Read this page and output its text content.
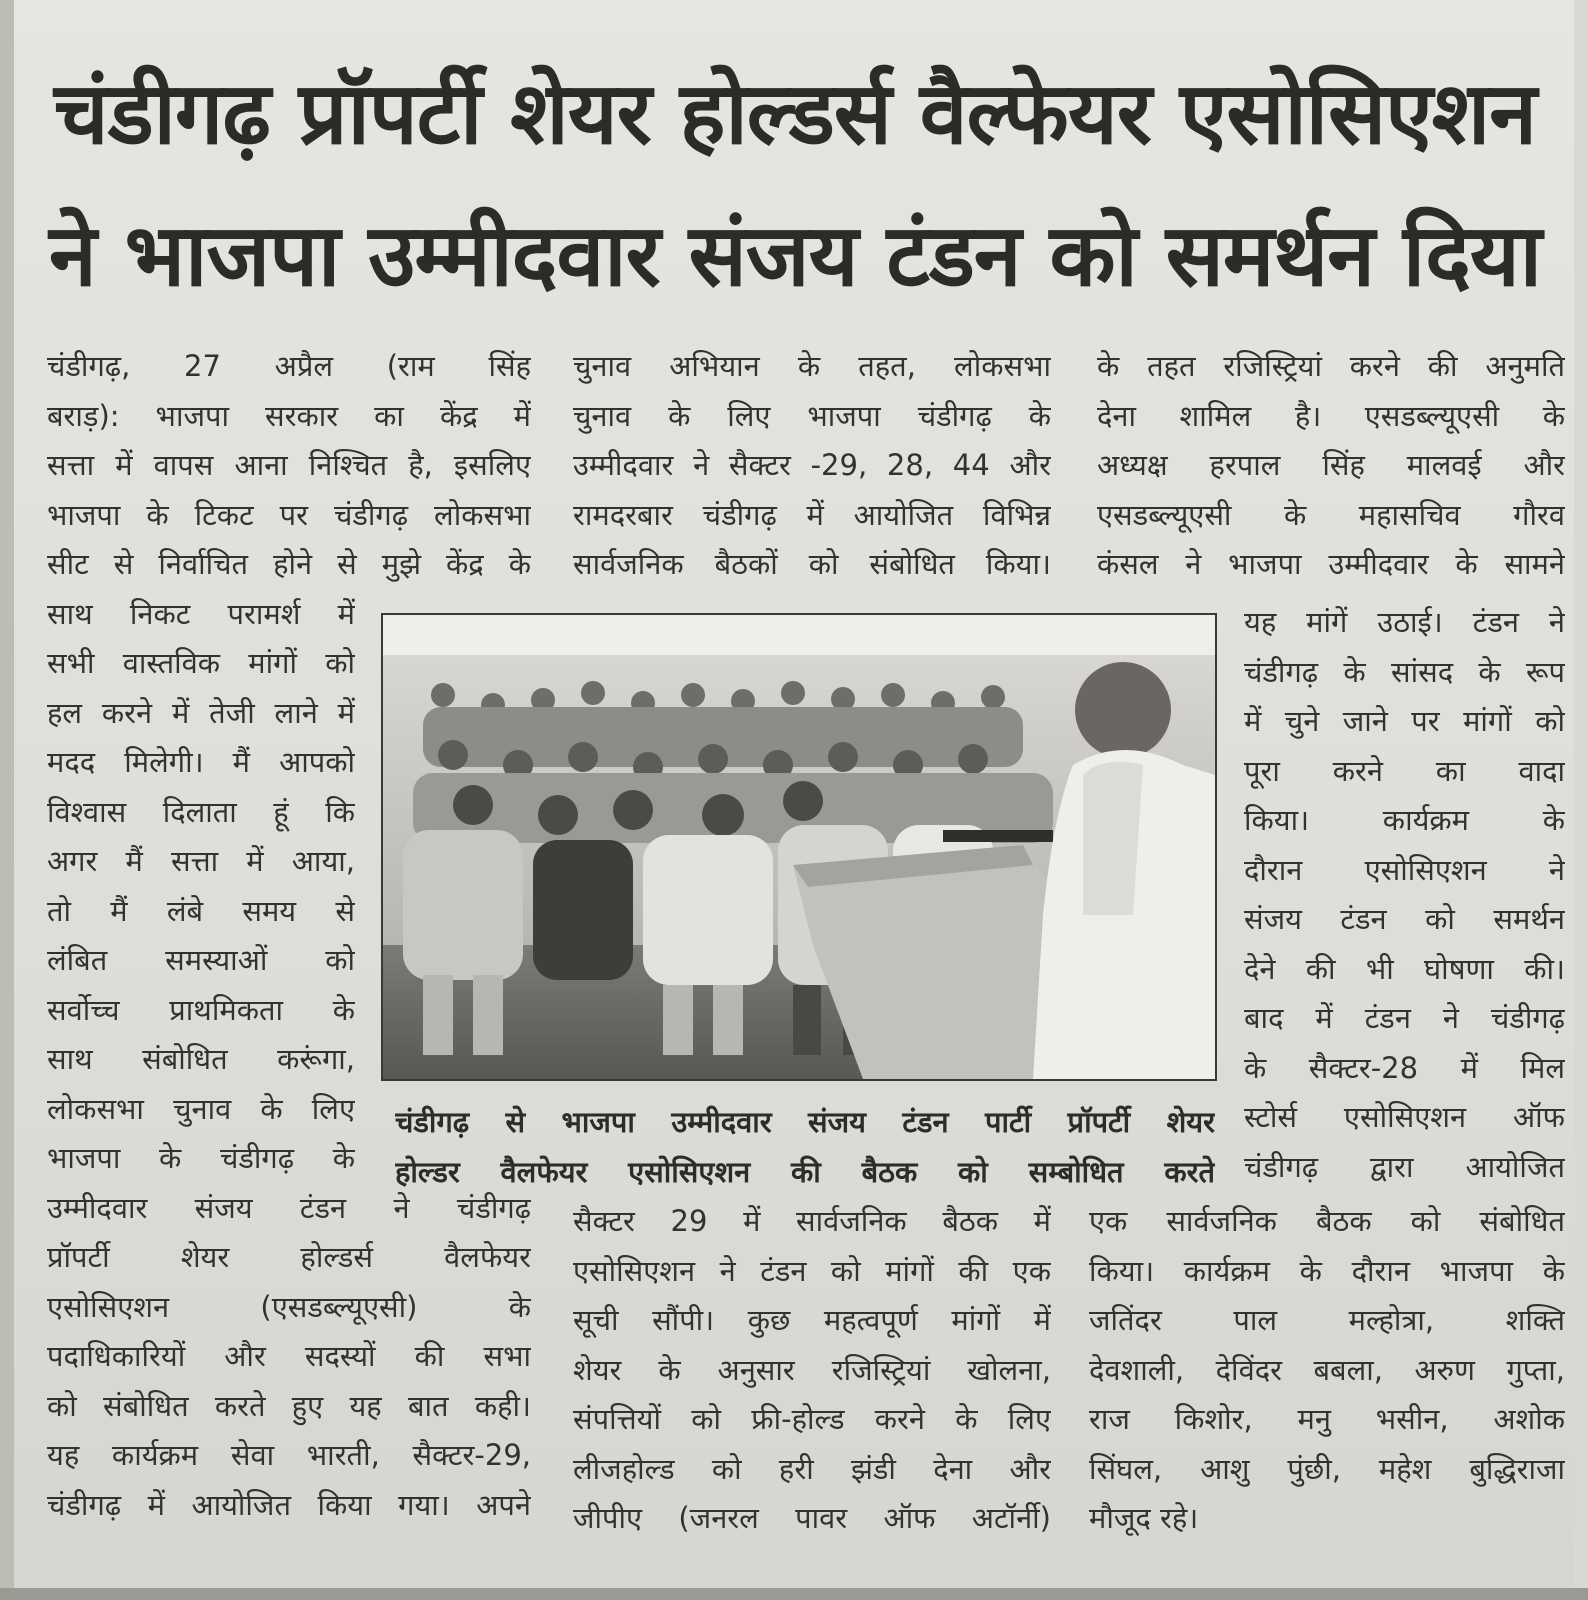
चंडीगढ़ प्रॉपर्टी शेयर होल्डर्स वैल्फेयर एसोसिएशन
ने भाजपा उम्मीदवार संजय टंडन को समर्थन दिया
चंडीगढ़, 27 अप्रैल (राम सिंह
बराड़): भाजपा सरकार का केंद्र में
सत्ता में वापस आना निश्चित है, इसलिए
भाजपा के टिकट पर चंडीगढ़ लोकसभा
सीट से निर्वाचित होने से मुझे केंद्र के
साथ निकट परामर्श में
सभी वास्तविक मांगों को
हल करने में तेजी लाने में
मदद मिलेगी। मैं आपको
विश्वास दिलाता हूं कि
अगर मैं सत्ता में आया,
तो मैं लंबे समय से
लंबित समस्याओं को
सर्वोच्च प्राथमिकता के
साथ संबोधित करूंगा,
लोकसभा चुनाव के लिए
भाजपा के चंडीगढ़ के
उम्मीदवार संजय टंडन ने चंडीगढ़
प्रॉपर्टी शेयर होल्डर्स वैलफेयर
एसोसिएशन (एसडब्ल्यूएसी) के
पदाधिकारियों और सदस्यों की सभा
को संबोधित करते हुए यह बात कही।
यह कार्यक्रम सेवा भारती, सैक्टर-29,
चंडीगढ़ में आयोजित किया गया। अपने
चुनाव अभियान के तहत, लोकसभा
चुनाव के लिए भाजपा चंडीगढ़ के
उम्मीदवार ने सैक्टर -29, 28, 44 और
रामदरबार चंडीगढ़ में आयोजित विभिन्न
सार्वजनिक बैठकों को संबोधित किया।
के तहत रजिस्ट्रियां करने की अनुमति
देना शामिल है। एसडब्ल्यूएसी के
अध्यक्ष हरपाल सिंह मालवई और
एसडब्ल्यूएसी के महासचिव गौरव
कंसल ने भाजपा उम्मीदवार के सामने
यह मांगें उठाई। टंडन ने
चंडीगढ़ के सांसद के रूप
में चुने जाने पर मांगों को
पूरा करने का वादा
किया। कार्यक्रम के
दौरान एसोसिएशन ने
संजय टंडन को समर्थन
देने की भी घोषणा की।
बाद में टंडन ने चंडीगढ़
के सैक्टर-28 में मिल
स्टोर्स एसोसिएशन ऑफ
चंडीगढ़ द्वारा आयोजित
सैक्टर 29 में सार्वजनिक बैठक में
एसोसिएशन ने टंडन को मांगों की एक
सूची सौंपी। कुछ महत्वपूर्ण मांगों में
शेयर के अनुसार रजिस्ट्रियां खोलना,
संपत्तियों को फ्री-होल्ड करने के लिए
लीजहोल्ड को हरी झंडी देना और
जीपीए (जनरल पावर ऑफ अटॉर्नी)
एक सार्वजनिक बैठक को संबोधित
किया। कार्यक्रम के दौरान भाजपा के
जतिंदर पाल मल्होत्रा, शक्ति
देवशाली, देविंदर बबला, अरुण गुप्ता,
राज किशोर, मनु भसीन, अशोक
सिंघल, आशु पुंछी, महेश बुद्धिराजा
मौजूद रहे।
चंडीगढ़ से भाजपा उम्मीदवार संजय टंडन पार्टी प्रॉपर्टी शेयर
होल्डर वैलफेयर एसोसिएशन की बैठक को सम्बोधित करते
